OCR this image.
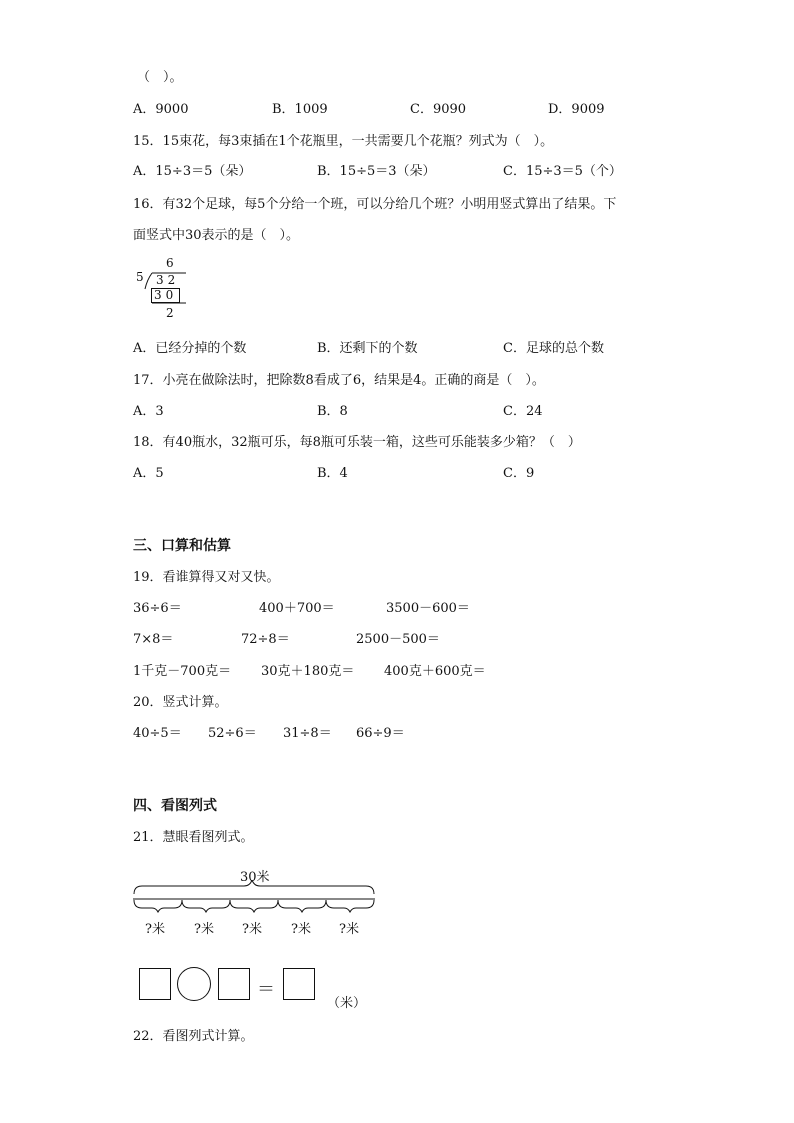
（　）。
A．9000	B．1009	C．9090	D．9009
15．15束花，每3束插在1个花瓶里，一共需要几个花瓶？列式为（　）。
A．15÷3＝5（朵）	B．15÷5＝3（朵）	C．15÷3＝5（个）
16．有32个足球，每5个分给一个班，可以分给几个班？小明用竖式算出了结果。下
面竖式中30表示的是（　）。
6
5 32
30
2
A．已经分掉的个数	B．还剩下的个数	C．足球的总个数
17．小亮在做除法时，把除数8看成了6，结果是4。正确的商是（　）。
A．3	B．8	C．24
18．有40瓶水，32瓶可乐，每8瓶可乐装一箱，这些可乐能装多少箱？（　）
A．5	B．4	C．9
三、口算和估算
19．看谁算得又对又快。
36÷6＝	400＋700＝	3500－600＝
7×8＝	72÷8＝	2500－500＝
1千克－700克＝ 30克＋180克＝ 400克＋600克＝
20．竖式计算。
40÷5＝ 52÷6＝ 31÷8＝ 66÷9＝
四、看图列式
21．慧眼看图列式。
30米
?米 ?米 ?米 ?米 ?米
＝
（米）
22．看图列式计算。
